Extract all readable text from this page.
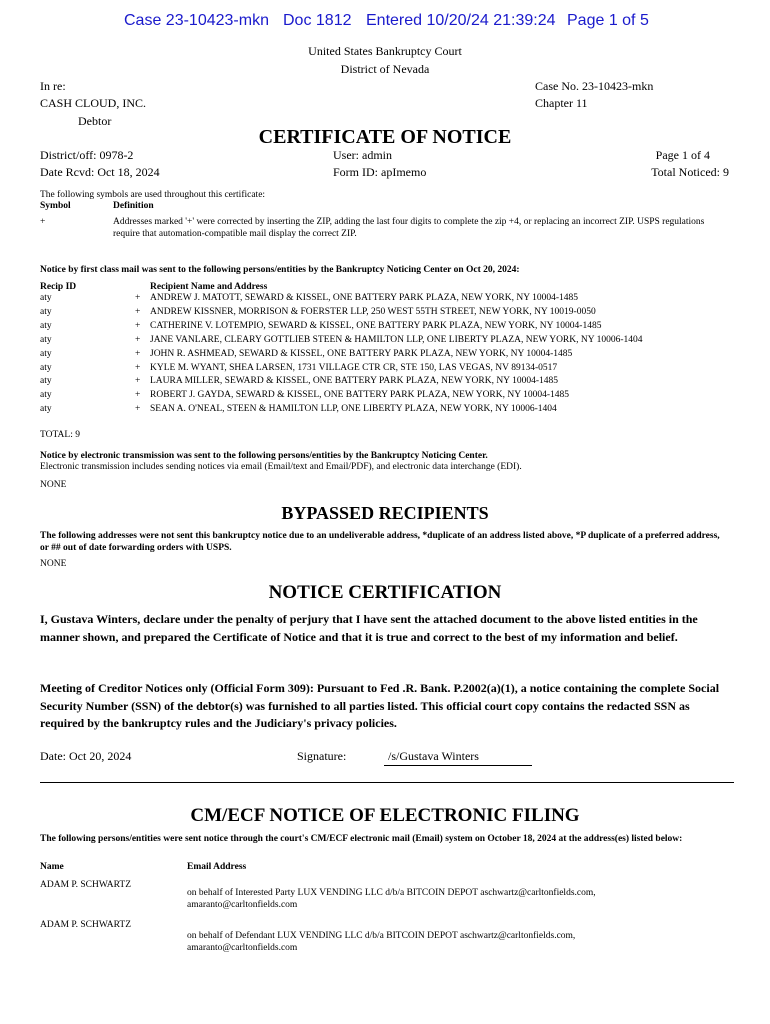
Case 23-10423-mkn Doc 1812 Entered 10/20/24 21:39:24 Page 1 of 5
United States Bankruptcy Court
District of Nevada
In re:
CASH CLOUD, INC.
Debtor
Case No. 23-10423-mkn
Chapter 11
CERTIFICATE OF NOTICE
District/off: 0978-2
Date Rcvd: Oct 18, 2024
User: admin
Form ID: apImemo
Page 1 of 4
Total Noticed: 9
The following symbols are used throughout this certificate:
Symbol	Definition
+	Addresses marked '+' were corrected by inserting the ZIP, adding the last four digits to complete the zip +4, or replacing an incorrect ZIP. USPS regulations require that automation-compatible mail display the correct ZIP.
Notice by first class mail was sent to the following persons/entities by the Bankruptcy Noticing Center on Oct 20, 2024:
Recip ID	Recipient Name and Address
aty	+ ANDREW J. MATOTT, SEWARD & KISSEL, ONE BATTERY PARK PLAZA, NEW YORK, NY 10004-1485
aty	+ ANDREW KISSNER, MORRISON & FOERSTER LLP, 250 WEST 55TH STREET, NEW YORK, NY 10019-0050
aty	+ CATHERINE V. LOTEMPIO, SEWARD & KISSEL, ONE BATTERY PARK PLAZA, NEW YORK, NY 10004-1485
aty	+ JANE VANLARE, CLEARY GOTTLIEB STEEN & HAMILTON LLP, ONE LIBERTY PLAZA, NEW YORK, NY 10006-1404
aty	+ JOHN R. ASHMEAD, SEWARD & KISSEL, ONE BATTERY PARK PLAZA, NEW YORK, NY 10004-1485
aty	+ KYLE M. WYANT, SHEA LARSEN, 1731 VILLAGE CTR CR, STE 150, LAS VEGAS, NV 89134-0517
aty	+ LAURA MILLER, SEWARD & KISSEL, ONE BATTERY PARK PLAZA, NEW YORK, NY 10004-1485
aty	+ ROBERT J. GAYDA, SEWARD & KISSEL, ONE BATTERY PARK PLAZA, NEW YORK, NY 10004-1485
aty	+ SEAN A. O'NEAL, STEEN & HAMILTON LLP, ONE LIBERTY PLAZA, NEW YORK, NY 10006-1404
TOTAL: 9
Notice by electronic transmission was sent to the following persons/entities by the Bankruptcy Noticing Center.
Electronic transmission includes sending notices via email (Email/text and Email/PDF), and electronic data interchange (EDI).
NONE
BYPASSED RECIPIENTS
The following addresses were not sent this bankruptcy notice due to an undeliverable address, *duplicate of an address listed above, *P duplicate of a preferred address, or ## out of date forwarding orders with USPS.
NONE
NOTICE CERTIFICATION
I, Gustava Winters, declare under the penalty of perjury that I have sent the attached document to the above listed entities in the manner shown, and prepared the Certificate of Notice and that it is true and correct to the best of my information and belief.
Meeting of Creditor Notices only (Official Form 309): Pursuant to Fed .R. Bank. P.2002(a)(1), a notice containing the complete Social Security Number (SSN) of the debtor(s) was furnished to all parties listed. This official court copy contains the redacted SSN as required by the bankruptcy rules and the Judiciary's privacy policies.
Date: Oct 20, 2024	Signature:	/s/Gustava Winters
CM/ECF NOTICE OF ELECTRONIC FILING
The following persons/entities were sent notice through the court's CM/ECF electronic mail (Email) system on October 18, 2024 at the address(es) listed below:
Name	Email Address
ADAM P. SCHWARTZ
on behalf of Interested Party LUX VENDING LLC d/b/a BITCOIN DEPOT aschwartz@carltonfields.com, amaranto@carltonfields.com
ADAM P. SCHWARTZ
on behalf of Defendant LUX VENDING LLC d/b/a BITCOIN DEPOT aschwartz@carltonfields.com, amaranto@carltonfields.com
